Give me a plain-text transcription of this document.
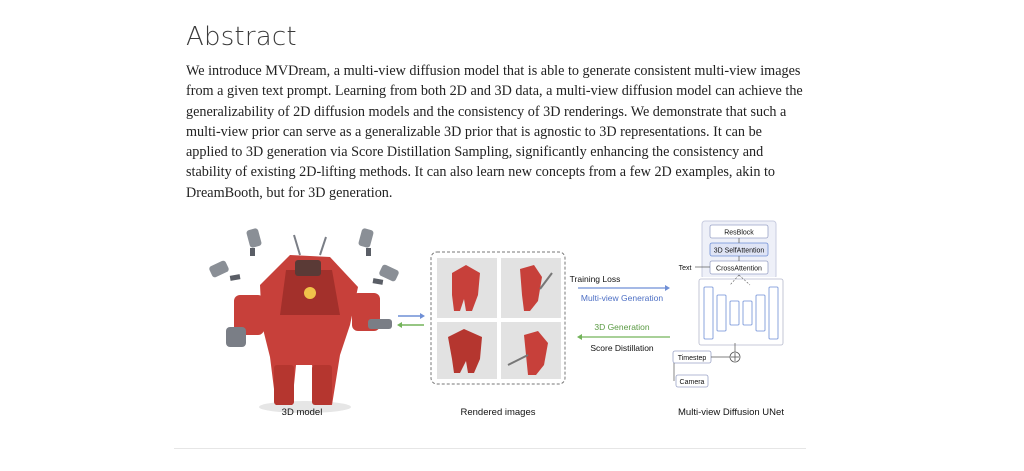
Abstract

We introduce MVDream, a multi-view diffusion model that is able to generate consistent multi-view images from a given text prompt. Learning from both 2D and 3D data, a multi-view diffusion model can achieve the generalizability of 2D diffusion models and the consistency of 3D renderings. We demonstrate that such a multi-view prior can serve as a generalizable 3D prior that is agnostic to 3D representations. It can be applied to 3D generation via Score Distillation Sampling, significantly enhancing the consistency and stability of existing 2D-lifting methods. It can also learn new concepts from a few 2D examples, akin to DreamBooth, but for 3D generation.

Training Loss
Multi-view Generation
3D Generation
Score Distillation
ResBlock
3D SelfAttention
CrossAttention
Text
Timestep
Camera
3D model	Rendered images	Multi-view Diffusion UNet
